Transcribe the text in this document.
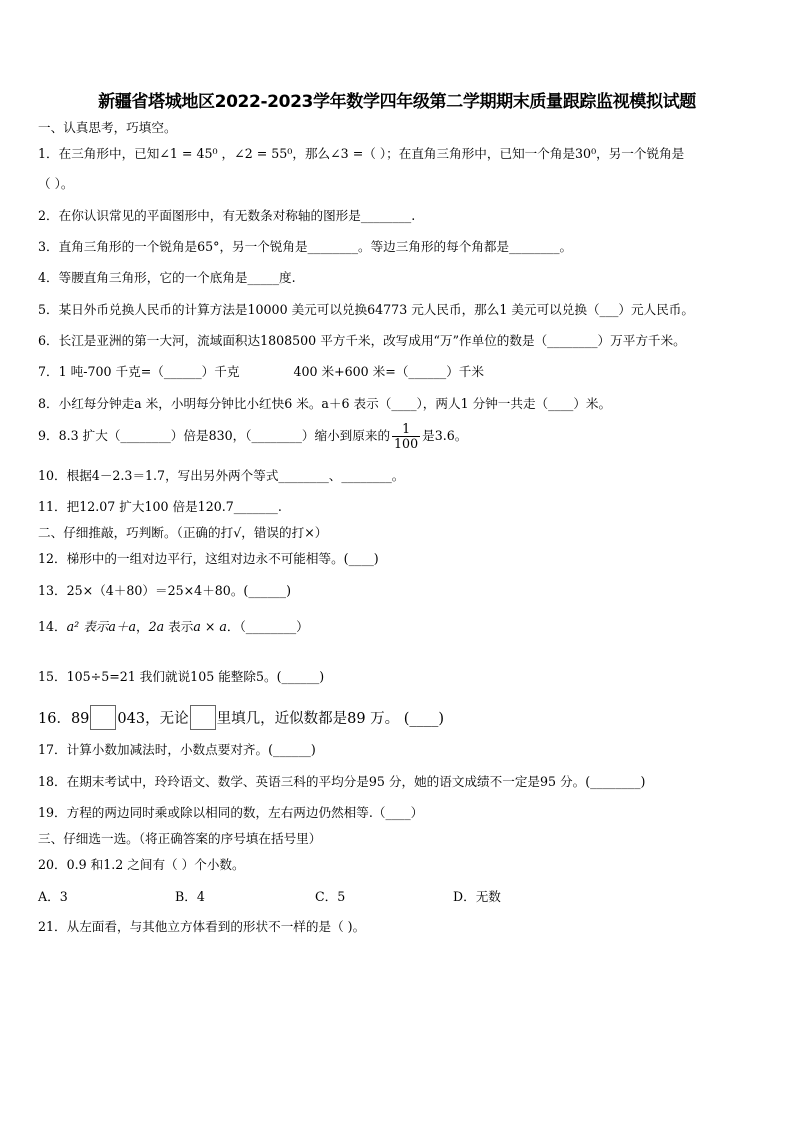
新疆省塔城地区2022-2023学年数学四年级第二学期期末质量跟踪监视模拟试题
一、认真思考，巧填空。
1．在三角形中，已知∠1 = 45⁰ ，∠2 = 55⁰，那么∠3 =（ ）；在直角三角形中，已知一个角是30⁰，另一个锐角是
（ ）。
2．在你认识常见的平面图形中，有无数条对称轴的图形是________.
3．直角三角形的一个锐角是65°，另一个锐角是________。等边三角形的每个角都是________。
4．等腰直角三角形，它的一个底角是_____度.
5．某日外币兑换人民币的计算方法是10000 美元可以兑换64773 元人民币，那么1 美元可以兑换（___）元人民币。
6．长江是亚洲的第一大河，流域面积达1808500 平方千米，改写成用“万”作单位的数是（________）万平方千米。
7．1 吨-700 千克=（______）千克	400 米+600 米=（______）千米
8．小红每分钟走a 米，小明每分钟比小红快6 米。a＋6 表示（____），两人1 分钟一共走（____）米。
9．8.3 扩大（________）倍是830，（________）缩小到原来的 $\frac{1}{100}$ 是3.6。
10．根据4－2.3＝1.7，写出另外两个等式________、________。
11．把12.07 扩大100 倍是120.7_______.
二、仔细推敲，巧判断。（正确的打√，错误的打×）
12．梯形中的一组对边平行，这组对边永不可能相等。(____)
13．25×（4＋80）＝25×4＋80。(______)
14．a² 表示a＋a，2a 表示a × a．（________）
15．105÷5=21 我们就说105 能整除5。(______)
16．89 043，无论 里填几，近似数都是89 万。 (____)
17．计算小数加减法时，小数点要对齐。(______)
18．在期末考试中，玲玲语文、数学、英语三科的平均分是95 分，她的语文成绩不一定是95 分。(________)
19．方程的两边同时乘或除以相同的数，左右两边仍然相等.（____）
三、仔细选一选。（将正确答案的序号填在括号里）
20．0.9 和1.2 之间有（ ）个小数。
A．3	B．4	C．5	D．无数
21．从左面看，与其他立方体看到的形状不一样的是（ )。
